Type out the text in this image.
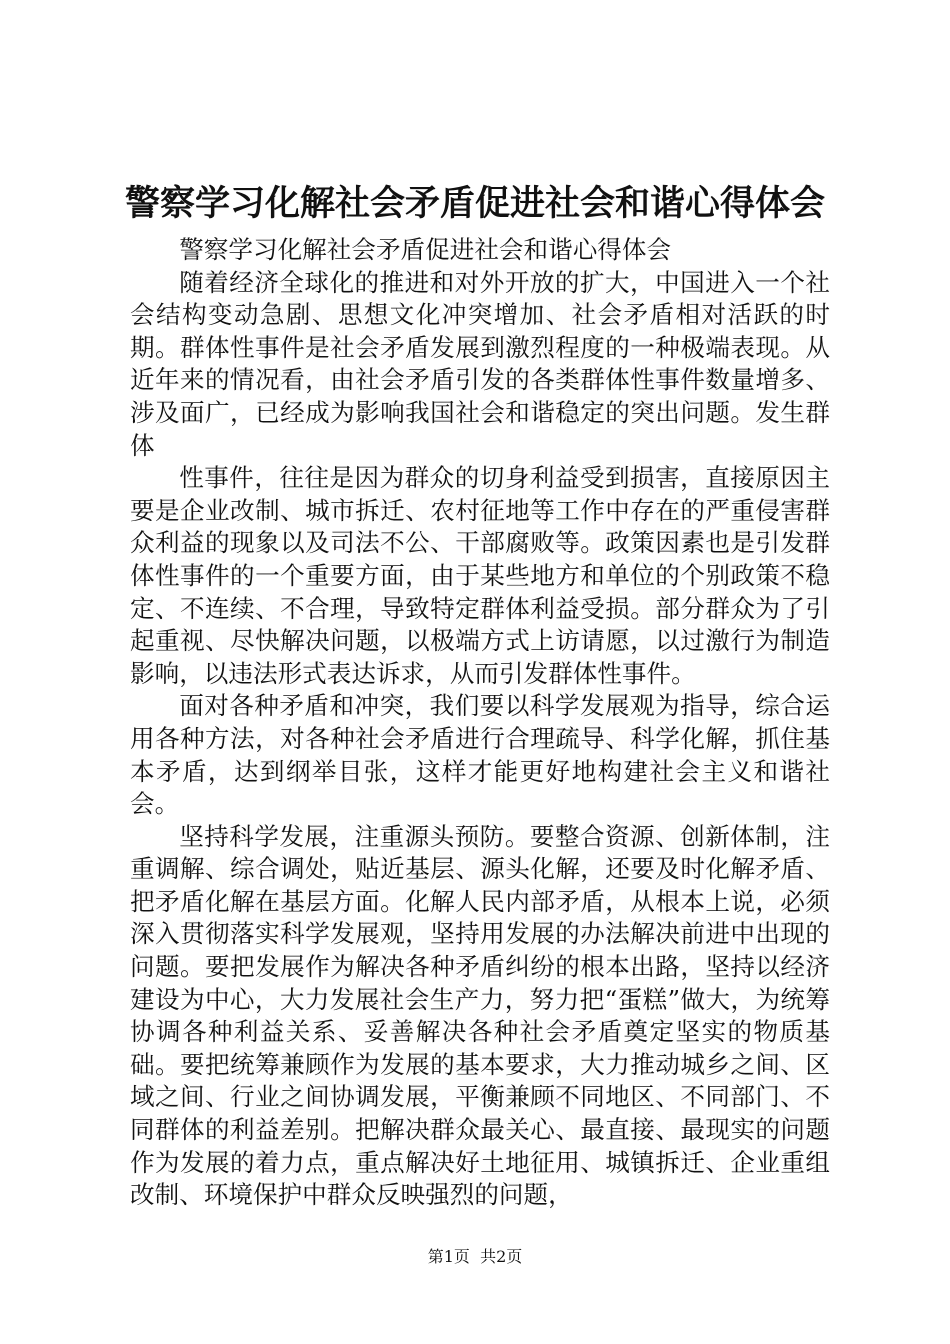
警察学习化解社会矛盾促进社会和谐心得体会

警察学习化解社会矛盾促进社会和谐心得体会

随着经济全球化的推进和对外开放的扩大，中国进入一个社会结构变动急剧、思想文化冲突增加、社会矛盾相对活跃的时期。群体性事件是社会矛盾发展到激烈程度的一种极端表现。从近年来的情况看，由社会矛盾引发的各类群体性事件数量增多、涉及面广，已经成为影响我国社会和谐稳定的突出问题。发生群体

性事件，往往是因为群众的切身利益受到损害，直接原因主要是企业改制、城市拆迁、农村征地等工作中存在的严重侵害群众利益的现象以及司法不公、干部腐败等。政策因素也是引发群体性事件的一个重要方面，由于某些地方和单位的个别政策不稳定、不连续、不合理，导致特定群体利益受损。部分群众为了引起重视、尽快解决问题，以极端方式上访请愿，以过激行为制造影响，以违法形式表达诉求，从而引发群体性事件。

面对各种矛盾和冲突，我们要以科学发展观为指导，综合运用各种方法，对各种社会矛盾进行合理疏导、科学化解，抓住基本矛盾，达到纲举目张，这样才能更好地构建社会主义和谐社会。

坚持科学发展，注重源头预防。要整合资源、创新体制，注重调解、综合调处，贴近基层、源头化解，还要及时化解矛盾、把矛盾化解在基层方面。化解人民内部矛盾，从根本上说，必须深入贯彻落实科学发展观，坚持用发展的办法解决前进中出现的问题。要把发展作为解决各种矛盾纠纷的根本出路，坚持以经济建设为中心，大力发展社会生产力，努力把“蛋糕”做大，为统筹协调各种利益关系、妥善解决各种社会矛盾奠定坚实的物质基础。要把统筹兼顾作为发展的基本要求，大力推动城乡之间、区域之间、行业之间协调发展，平衡兼顾不同地区、不同部门、不同群体的利益差别。把解决群众最关心、最直接、最现实的问题作为发展的着力点，重点解决好土地征用、城镇拆迁、企业重组改制、环境保护中群众反映强烈的问题，

第1页  共2页
